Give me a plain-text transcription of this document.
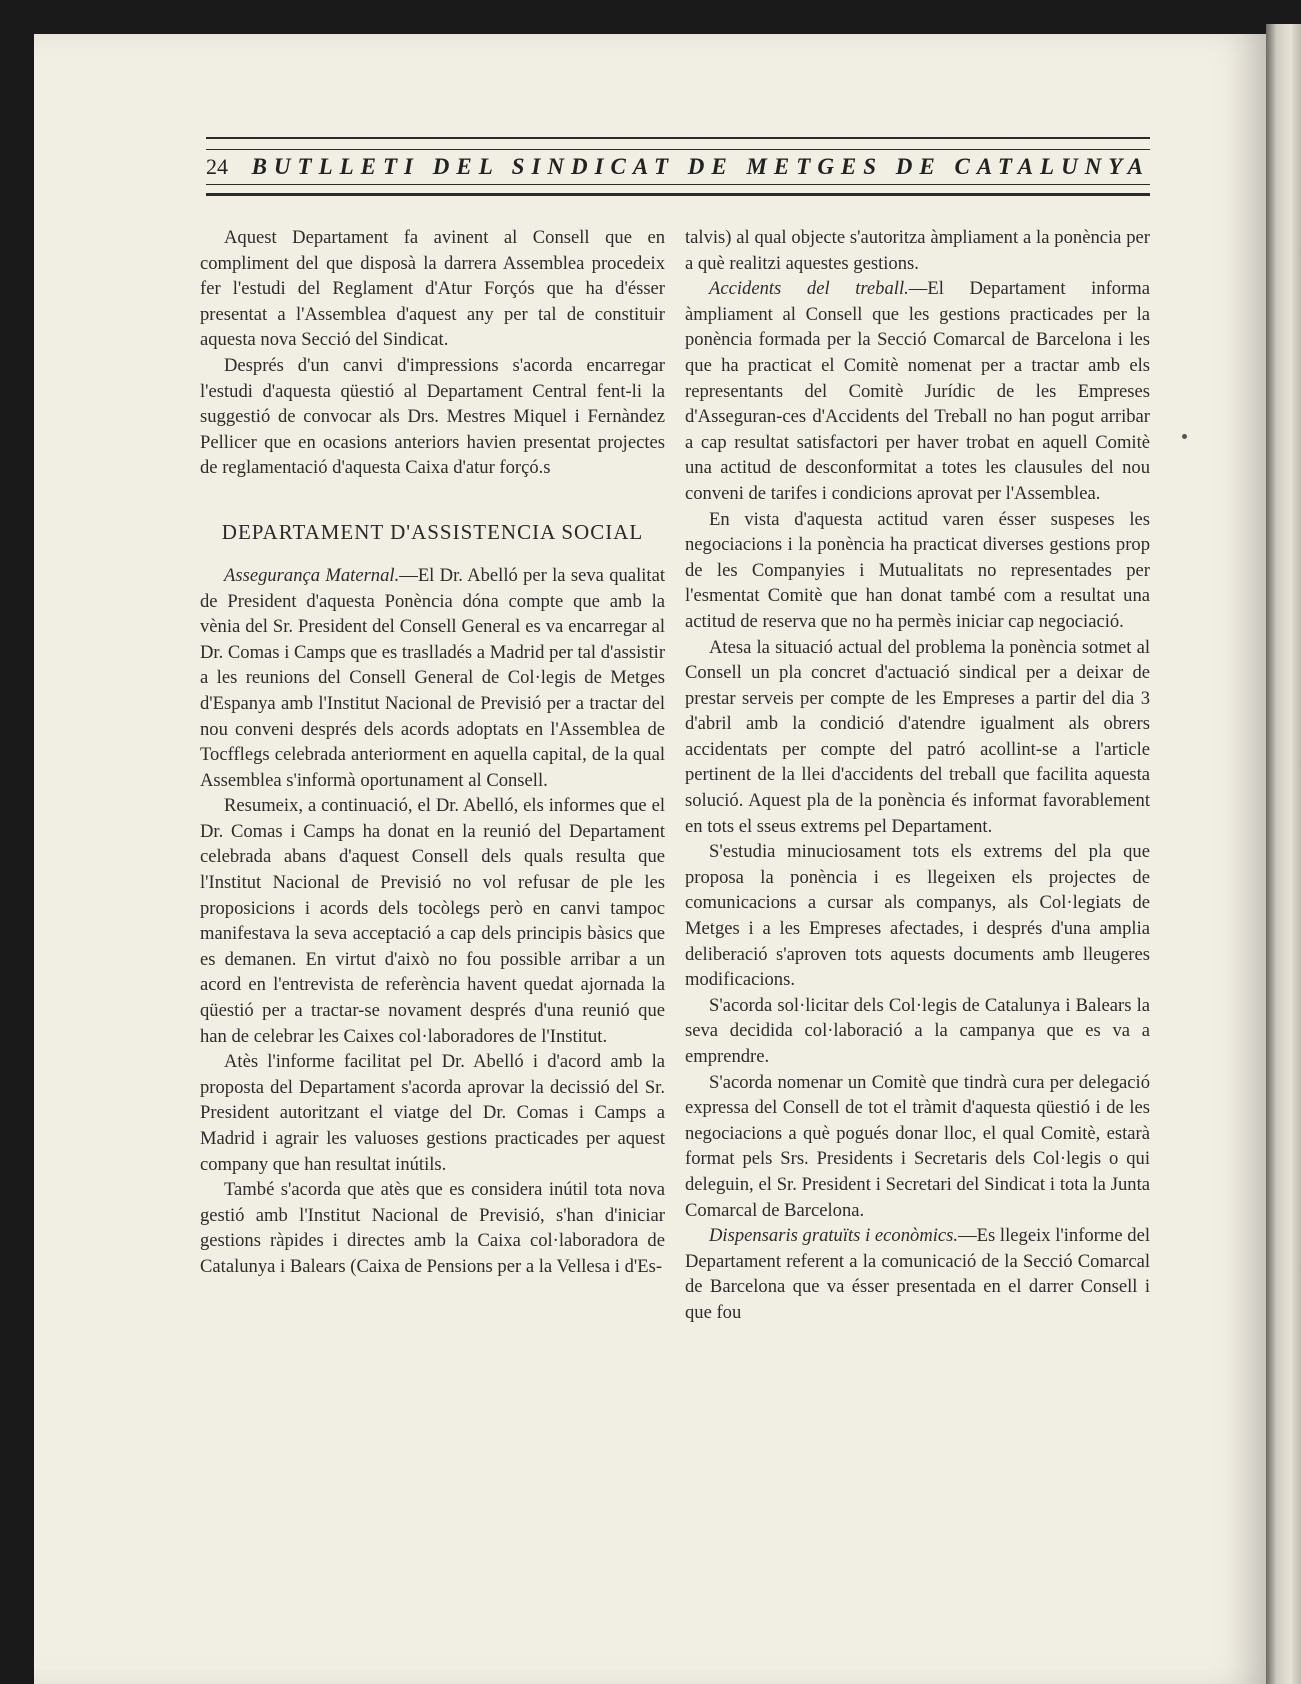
24	BUTLLETI DEL SINDICAT DE METGES DE CATALUNYA

Aquest Departament fa avinent al Consell que en compliment del que disposà la darrera Assemblea procedeix fer l'estudi del Reglament d'Atur Forçós que ha d'ésser presentat a l'Assemblea d'aquest any per tal de constituir aquesta nova Secció del Sindicat.

Després d'un canvi d'impressions s'acorda encarregar l'estudi d'aquesta qüestió al Departament Central fent-li la suggestió de convocar als Drs. Mestres Miquel i Fernàndez Pellicer que en ocasions anteriors havien presentat projectes de reglamentació d'aquesta Caixa d'atur forçó.s

DEPARTAMENT D'ASSISTENCIA SOCIAL

Assegurança Maternal.—El Dr. Abelló per la seva qualitat de President d'aquesta Ponència dóna compte que amb la vènia del Sr. President del Consell General es va encarregar al Dr. Comas i Camps que es traslladés a Madrid per tal d'assistir a les reunions del Consell General de Col·legis de Metges d'Espanya amb l'Institut Nacional de Previsió per a tractar del nou conveni després dels acords adoptats en l'Assemblea de Tocfflegs celebrada anteriorment en aquella capital, de la qual Assemblea s'informà oportunament al Consell.

Resumeix, a continuació, el Dr. Abelló, els informes que el Dr. Comas i Camps ha donat en la reunió del Departament celebrada abans d'aquest Consell dels quals resulta que l'Institut Nacional de Previsió no vol refusar de ple les proposicions i acords dels tocòlegs però en canvi tampoc manifestava la seva acceptació a cap dels principis bàsics que es demanen. En virtut d'això no fou possible arribar a un acord en l'entrevista de referència havent quedat ajornada la qüestió per a tractar-se novament després d'una reunió que han de celebrar les Caixes col·laboradores de l'Institut.

Atès l'informe facilitat pel Dr. Abelló i d'acord amb la proposta del Departament s'acorda aprovar la decissió del Sr. President autoritzant el viatge del Dr. Comas i Camps a Madrid i agrair les valuoses gestions practicades per aquest company que han resultat inútils.

També s'acorda que atès que es considera inútil tota nova gestió amb l'Institut Nacional de Previsió, s'han d'iniciar gestions ràpides i directes amb la Caixa col·laboradora de Catalunya i Balears (Caixa de Pensions per a la Vellesa i d'Es-

talvis) al qual objecte s'autoritza àmpliament a la ponència per a què realitzi aquestes gestions.

Accidents del treball.—El Departament informa àmpliament al Consell que les gestions practicades per la ponència formada per la Secció Comarcal de Barcelona i les que ha practicat el Comitè nomenat per a tractar amb els representants del Comitè Jurídic de les Empreses d'Asseguran-ces d'Accidents del Treball no han pogut arribar a cap resultat satisfactori per haver trobat en aquell Comitè una actitud de desconformitat a totes les clausules del nou conveni de tarifes i condicions aprovat per l'Assemblea.

En vista d'aquesta actitud varen ésser suspeses les negociacions i la ponència ha practicat diverses gestions prop de les Companyies i Mutualitats no representades per l'esmentat Comitè que han donat també com a resultat una actitud de reserva que no ha permès iniciar cap negociació.

Atesa la situació actual del problema la ponència sotmet al Consell un pla concret d'actuació sindical per a deixar de prestar serveis per compte de les Empreses a partir del dia 3 d'abril amb la condició d'atendre igualment als obrers accidentats per compte del patró acollint-se a l'article pertinent de la llei d'accidents del treball que facilita aquesta solució. Aquest pla de la ponència és informat favorablement en tots el sseus extrems pel Departament.

S'estudia minuciosament tots els extrems del pla que proposa la ponència i es llegeixen els projectes de comunicacions a cursar als companys, als Col·legiats de Metges i a les Empreses afectades, i després d'una amplia deliberació s'aproven tots aquests documents amb lleugeres modificacions.

S'acorda sol·licitar dels Col·legis de Catalunya i Balears la seva decidida col·laboració a la campanya que es va a emprendre.

S'acorda nomenar un Comitè que tindrà cura per delegació expressa del Consell de tot el tràmit d'aquesta qüestió i de les negociacions a què pogués donar lloc, el qual Comitè, estarà format pels Srs. Presidents i Secretaris dels Col·legis o qui deleguin, el Sr. President i Secretari del Sindicat i tota la Junta Comarcal de Barcelona.

Dispensaris gratuïts i econòmics.—Es llegeix l'informe del Departament referent a la comunicació de la Secció Comarcal de Barcelona que va ésser presentada en el darrer Consell i que fou
